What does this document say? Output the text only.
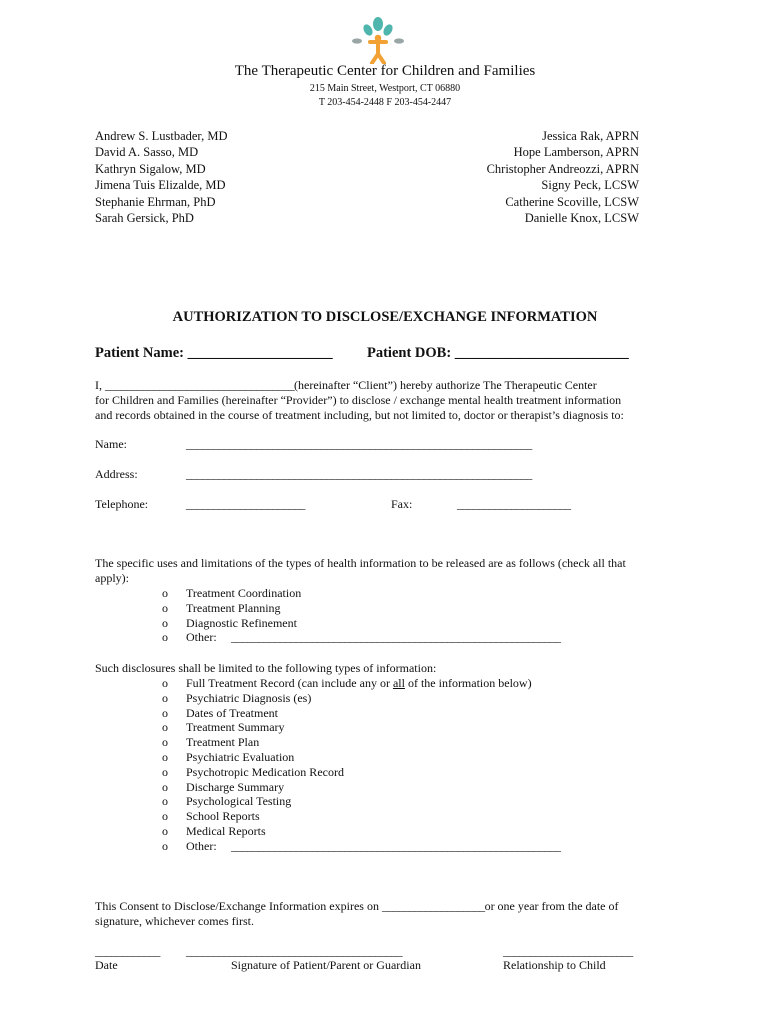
The Therapeutic Center for Children and Families
215 Main Street, Westport, CT 06880
T 203-454-2448 F 203-454-2447
Andrew S. Lustbader, MD
David A. Sasso, MD
Kathryn Sigalow, MD
Jimena Tuis Elizalde, MD
Stephanie Ehrman, PhD
Sarah Gersick, PhD
Jessica Rak, APRN
Hope Lamberson, APRN
Christopher Andreozzi, APRN
Signy Peck, LCSW
Catherine Scoville, LCSW
Danielle Knox, LCSW
AUTHORIZATION TO DISCLOSE/EXCHANGE INFORMATION
Patient Name: ____________________ Patient DOB: ________________________
I, ___________________________________(hereinafter “Client”) hereby authorize The Therapeutic Center
for Children and Families (hereinafter “Provider”) to disclose / exchange mental health treatment information
and records obtained in the course of treatment including, but not limited to, doctor or therapist’s diagnosis to:
Name:	________________________________________________________________
Address:	________________________________________________________________
Telephone:	______________________	Fax:	_____________________
The specific uses and limitations of the types of health information to be released are as follows (check all that
apply):
o	Treatment Coordination
o	Treatment Planning
o	Diagnostic Refinement
o	Other:	_____________________________________________________________
Such disclosures shall be limited to the following types of information:
o	Full Treatment Record (can include any or all of the information below)
o	Psychiatric Diagnosis (es)
o	Dates of Treatment
o	Treatment Summary
o	Treatment Plan
o	Psychiatric Evaluation
o	Psychotropic Medication Record
o	Discharge Summary
o	Psychological Testing
o	School Reports
o	Medical Reports
o	Other:	_____________________________________________________________
This Consent to Disclose/Exchange Information expires on ___________________or one year from the date of
signature, whichever comes first.
____________ ________________________________________	________________________
Date	Signature of Patient/Parent or Guardian	Relationship to Child
